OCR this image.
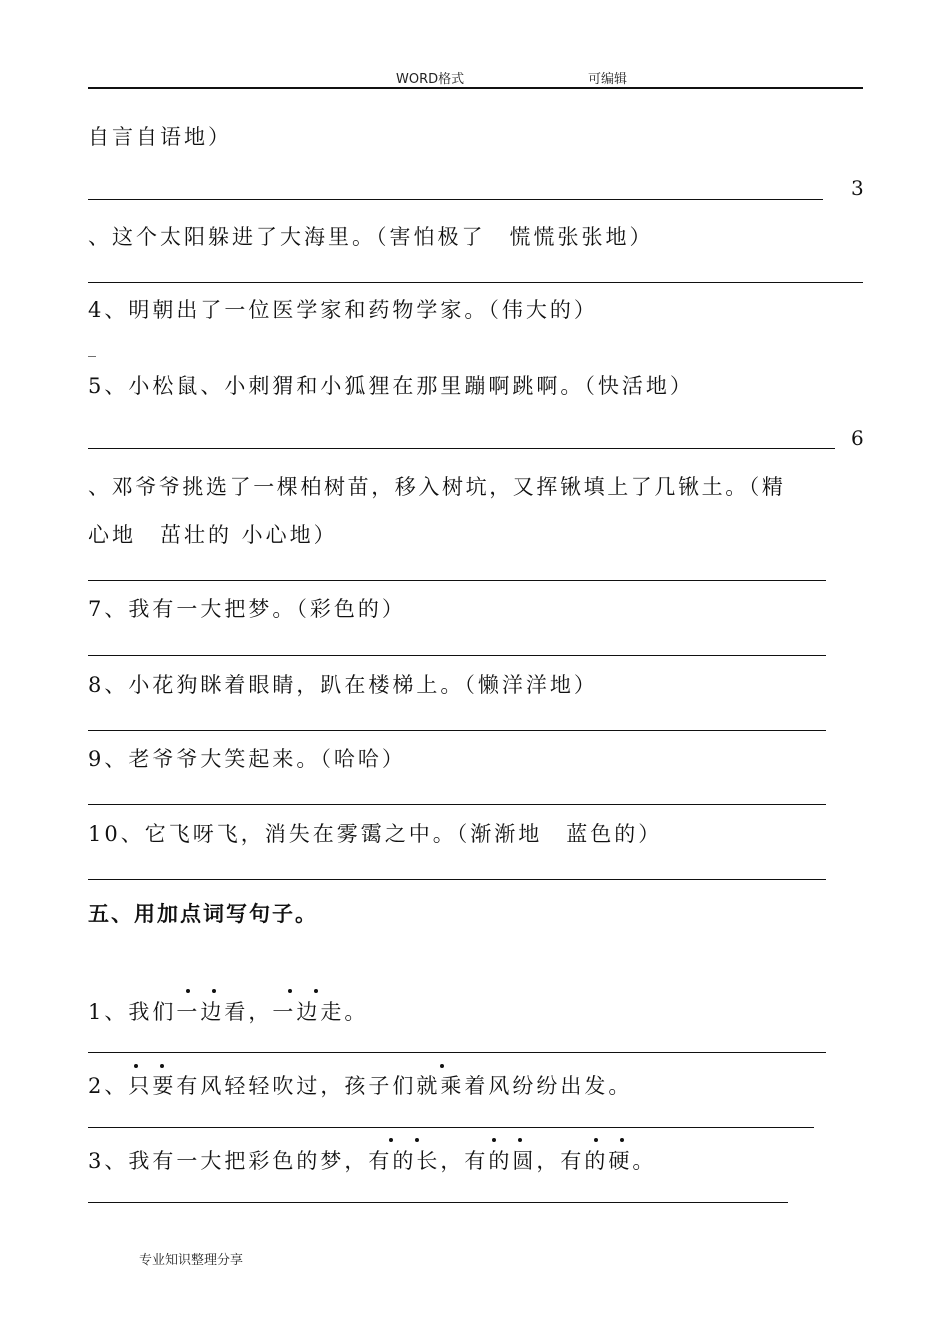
WORD格式	可编辑
自言自语地）
3
、这个太阳躲进了大海里。（害怕极了　慌慌张张地）
4、明朝出了一位医学家和药物学家。（伟大的）
_
5、小松鼠、小刺猬和小狐狸在那里蹦啊跳啊。（快活地）
6
、邓爷爷挑选了一棵柏树苗，移入树坑，又挥锹填上了几锹土。（精
心地　茁壮的 小心地）
7、我有一大把梦。（彩色的）
8、小花狗眯着眼睛，趴在楼梯上。（懒洋洋地）
9、老爷爷大笑起来。（哈哈）
10、它飞呀飞，消失在雾霭之中。（渐渐地　蓝色的）
五、用加点词写句子。
1、我们一边看，一边走。
2、只要有风轻轻吹过，孩子们就乘着风纷纷出发。
3、我有一大把彩色的梦，有的长，有的圆，有的硬。
专业知识整理分享
